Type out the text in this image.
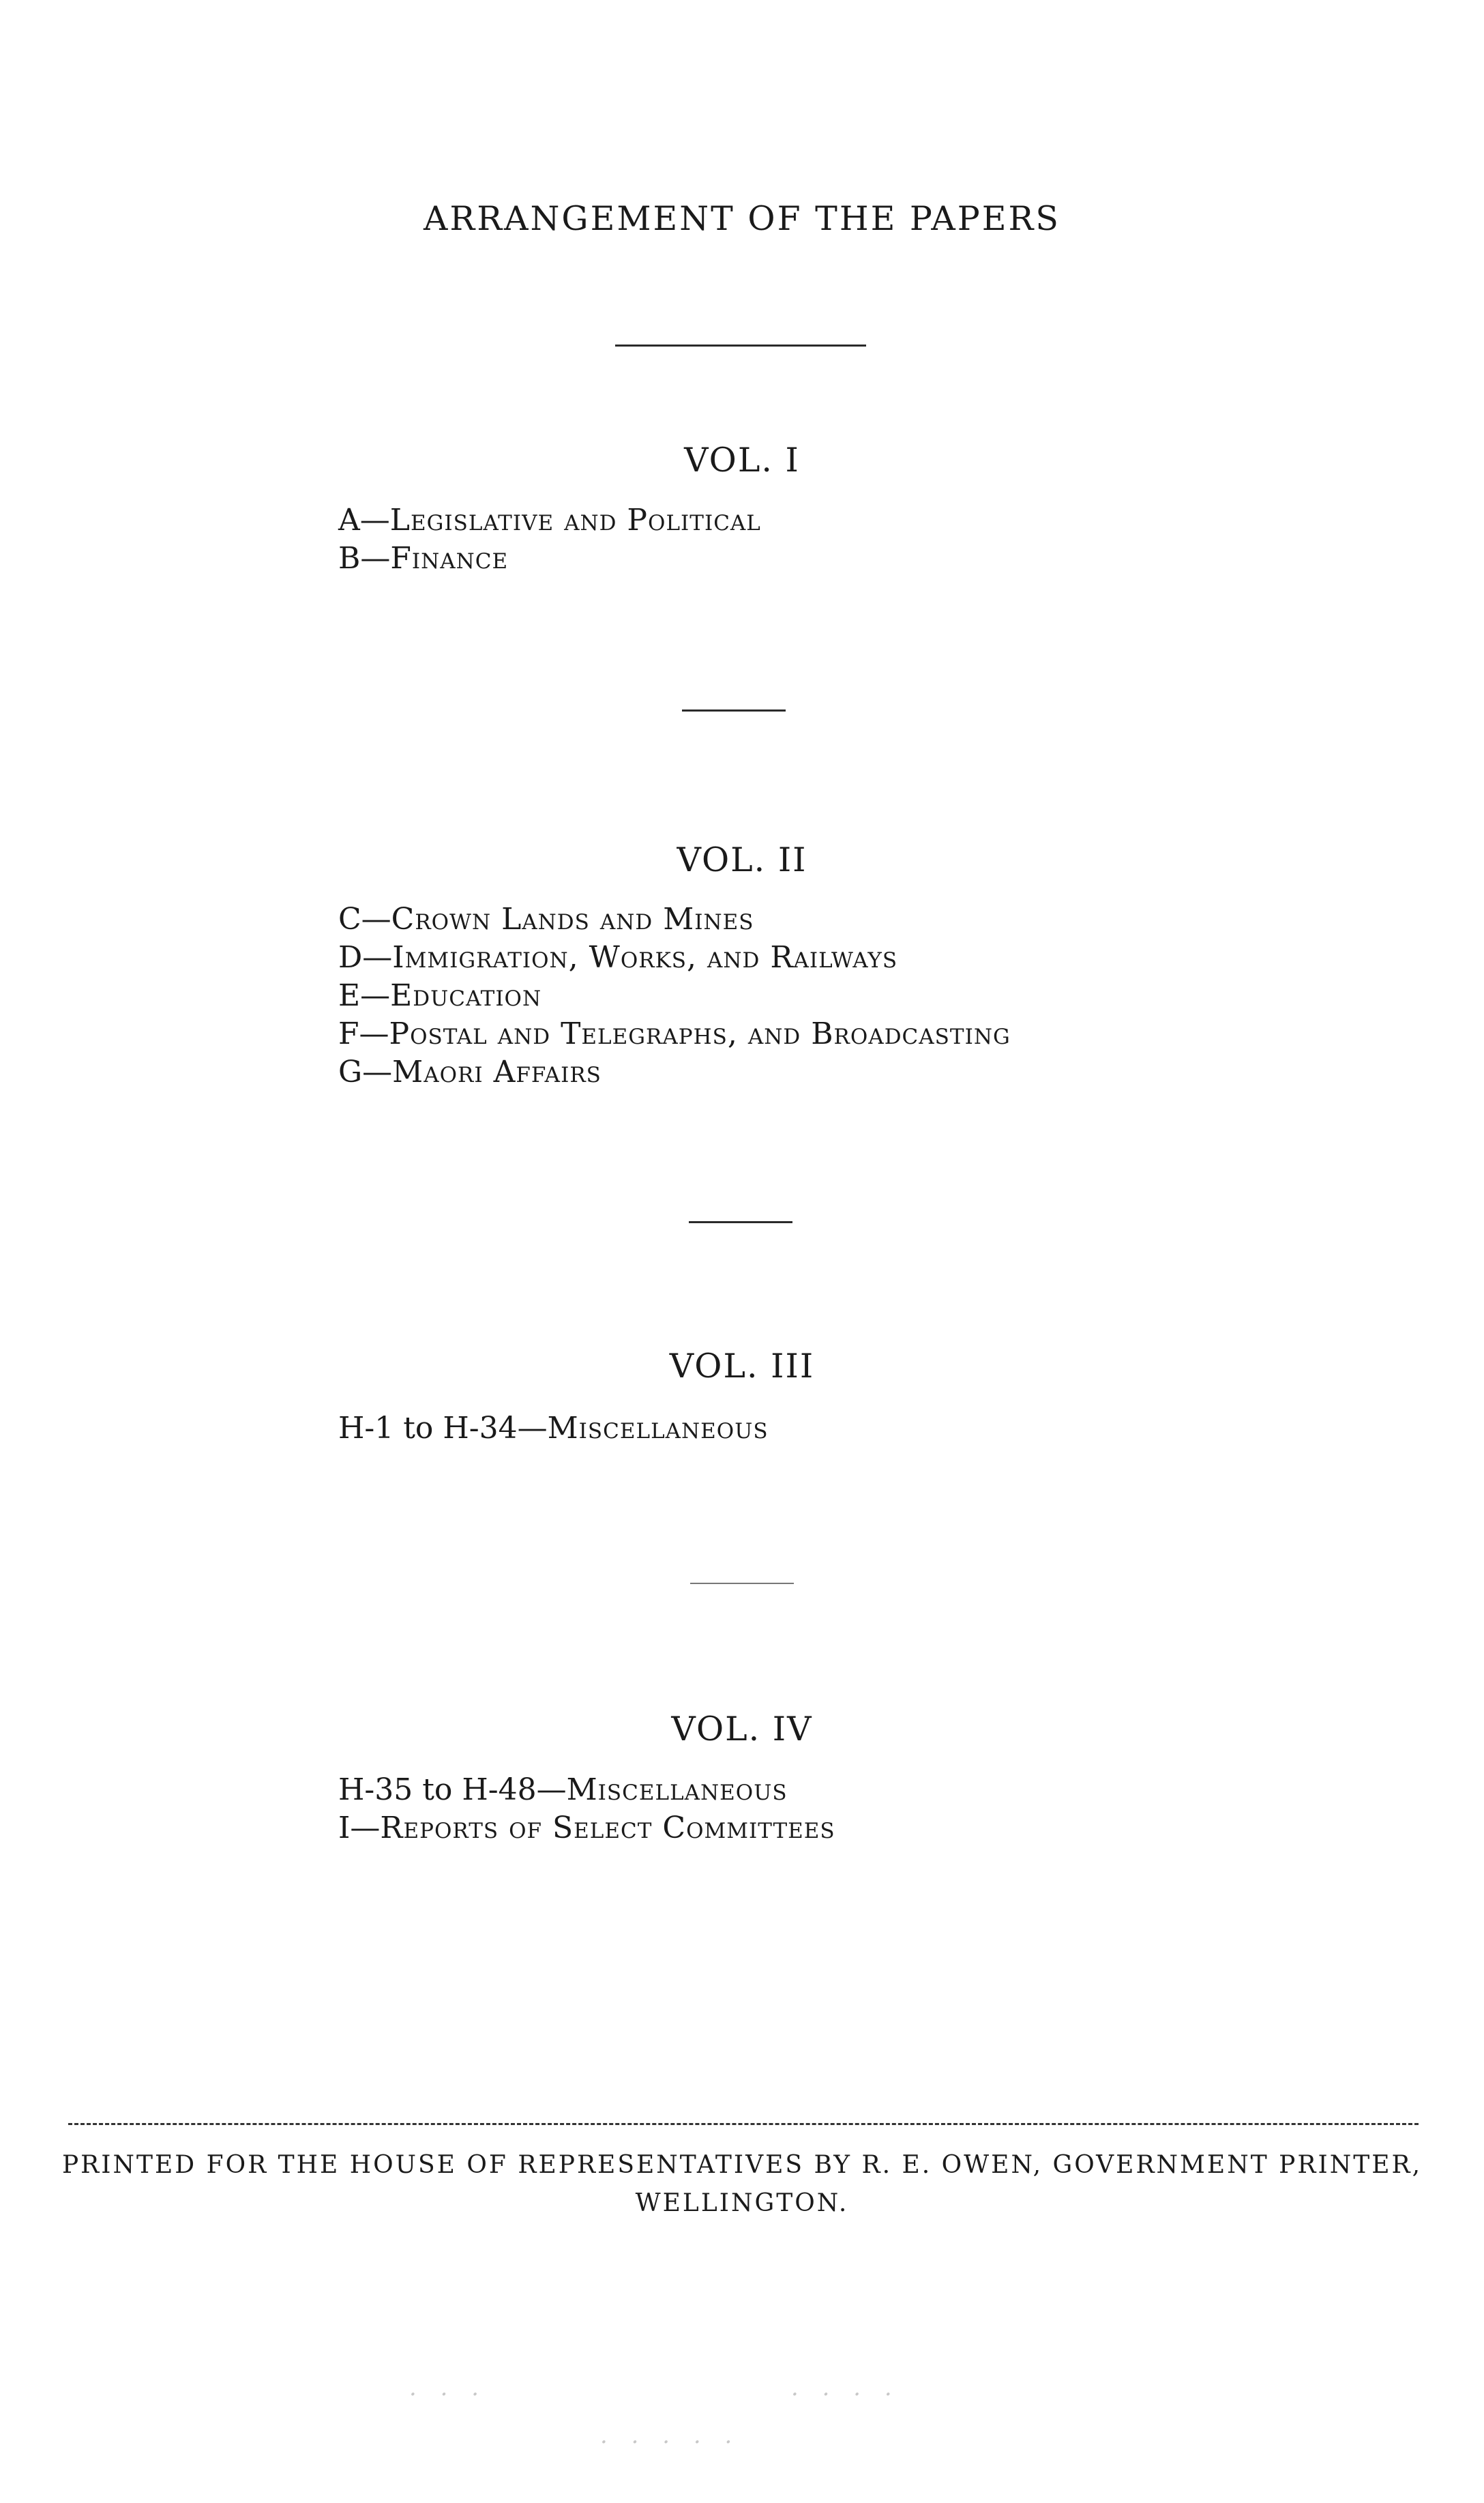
ARRANGEMENT OF THE PAPERS
VOL. I
A—Legislative and Political
B—Finance
VOL. II
C—Crown Lands and Mines
D—Immigration, Works, and Railways
E—Education
F—Postal and Telegraphs, and Broadcasting
G—Maori Affairs
VOL. III
H-1 to H-34—Miscellaneous
VOL. IV
H-35 to H-48—Miscellaneous
I—Reports of Select Committees

PRINTED FOR THE HOUSE OF REPRESENTATIVES BY R. E. OWEN, GOVERNMENT PRINTER,

WELLINGTON.

· · ·	· · · ·
· · · · ·
